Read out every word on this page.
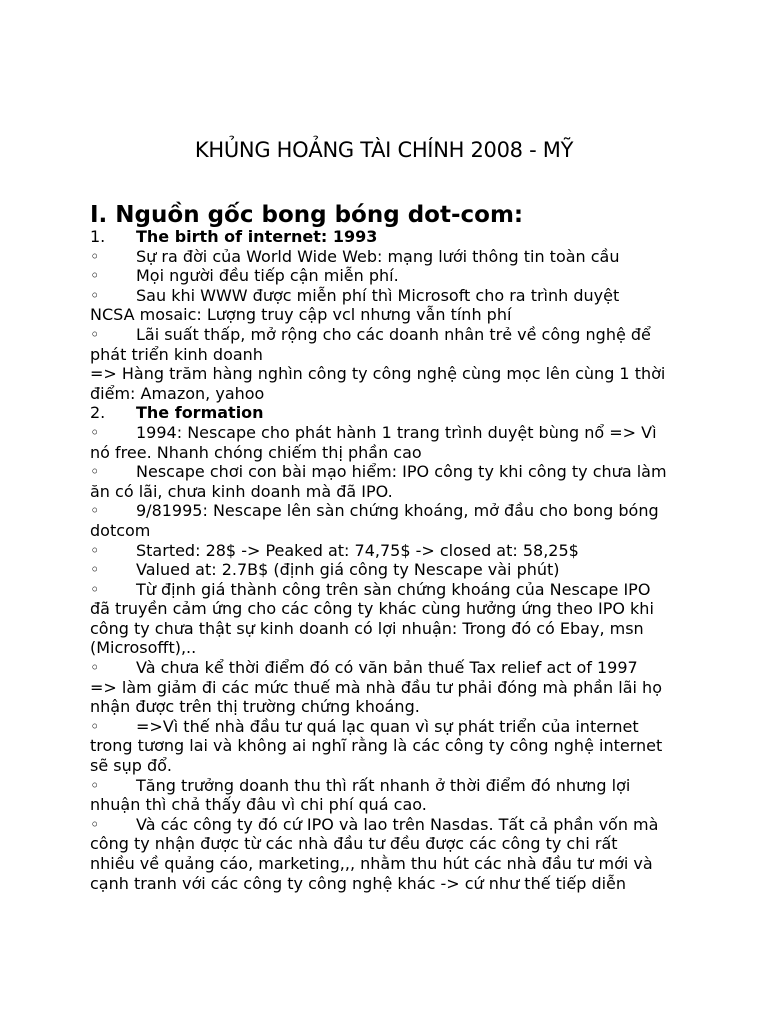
KHỦNG HOẢNG TÀI CHÍNH 2008 - MỸ
I. Nguồn gốc bong bóng dot-com:
1. The birth of internet: 1993
◦ Sự ra đời của World Wide Web: mạng lưới thông tin toàn cầu
◦ Mọi người đều tiếp cận miễn phí.
◦ Sau khi WWW được miễn phí thì Microsoft cho ra trình duyệt
NCSA mosaic: Lượng truy cập vcl nhưng vẫn tính phí
◦ Lãi suất thấp, mở rộng cho các doanh nhân trẻ về công nghệ để
phát triển kinh doanh
=> Hàng trăm hàng nghìn công ty công nghệ cùng mọc lên cùng 1 thời
điểm: Amazon, yahoo
2. The formation
◦ 1994: Nescape cho phát hành 1 trang trình duyệt bùng nổ => Vì
nó free. Nhanh chóng chiếm thị phần cao
◦ Nescape chơi con bài mạo hiểm: IPO công ty khi công ty chưa làm
ăn có lãi, chưa kinh doanh mà đã IPO.
◦ 9/81995: Nescape lên sàn chứng khoáng, mở đầu cho bong bóng
dotcom
◦ Started: 28$ -> Peaked at: 74,75$ -> closed at: 58,25$
◦ Valued at: 2.7B$ (định giá công ty Nescape vài phút)
◦ Từ định giá thành công trên sàn chứng khoáng của Nescape IPO
đã truyền cảm ứng cho các công ty khác cùng hưởng ứng theo IPO khi
công ty chưa thật sự kinh doanh có lợi nhuận: Trong đó có Ebay, msn
(Microsofft),..
◦ Và chưa kể thời điểm đó có văn bản thuế Tax relief act of 1997
=> làm giảm đi các mức thuế mà nhà đầu tư phải đóng mà phần lãi họ
nhận được trên thị trường chứng khoáng.
◦ =>Vì thế nhà đầu tư quá lạc quan vì sự phát triển của internet
trong tương lai và không ai nghĩ rằng là các công ty công nghệ internet
sẽ sụp đổ.
◦ Tăng trưởng doanh thu thì rất nhanh ở thời điểm đó nhưng lợi
nhuận thì chả thấy đâu vì chi phí quá cao.
◦ Và các công ty đó cứ IPO và lao trên Nasdas. Tất cả phần vốn mà
công ty nhận được từ các nhà đầu tư đều được các công ty chi rất
nhiều về quảng cáo, marketing,,, nhằm thu hút các nhà đầu tư mới và
cạnh tranh với các công ty công nghệ khác -> cứ như thế tiếp diễn
